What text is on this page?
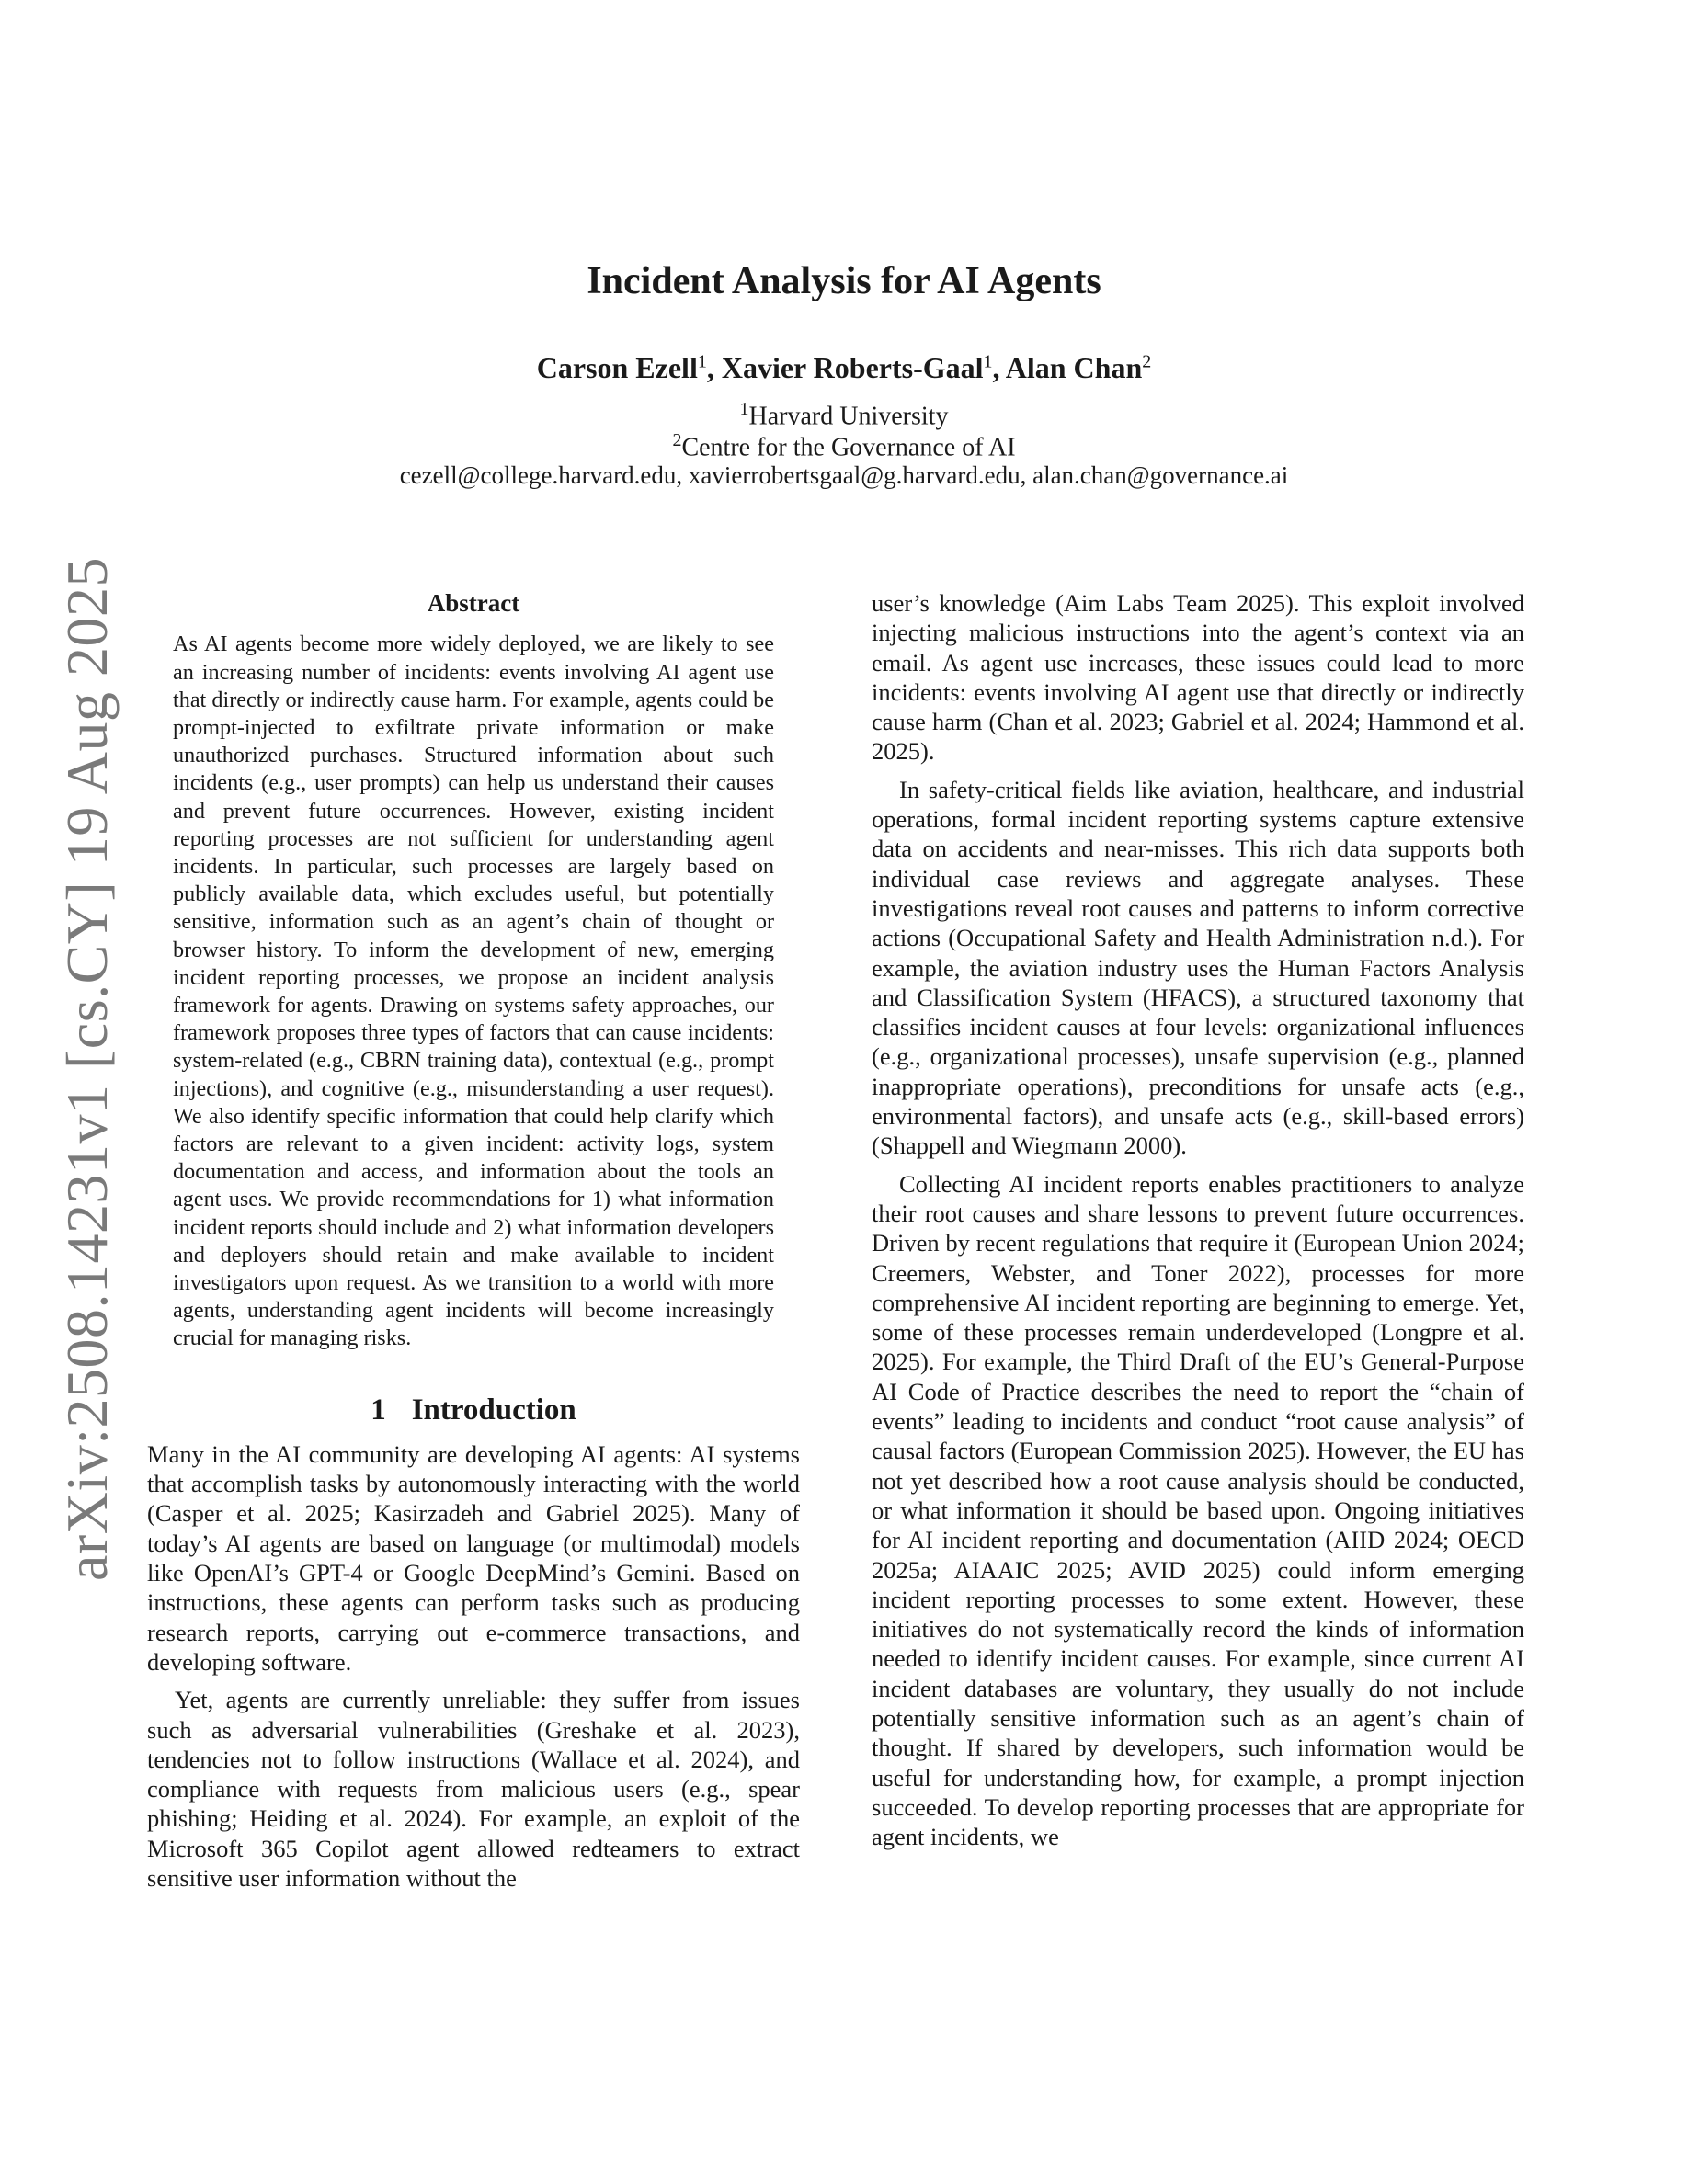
arXiv:2508.14231v1 [cs.CY] 19 Aug 2025
Incident Analysis for AI Agents
Carson Ezell$^1$, Xavier Roberts-Gaal$^1$, Alan Chan$^2$
$^1$Harvard University
$^2$Centre for the Governance of AI
cezell@college.harvard.edu, xavierrobertsgaal@g.harvard.edu, alan.chan@governance.ai
Abstract

As AI agents become more widely deployed, we are likely to see an increasing number of incidents: events involving AI agent use that directly or indirectly cause harm. For example, agents could be prompt-injected to exfiltrate private information or make unauthorized purchases. Structured information about such incidents (e.g., user prompts) can help us understand their causes and prevent future occurrences. However, existing incident reporting processes are not sufficient for understanding agent incidents. In particular, such processes are largely based on publicly available data, which excludes useful, but potentially sensitive, information such as an agent’s chain of thought or browser history. To inform the development of new, emerging incident reporting processes, we propose an incident analysis framework for agents. Drawing on systems safety approaches, our framework proposes three types of factors that can cause incidents: system-related (e.g., CBRN training data), contextual (e.g., prompt injections), and cognitive (e.g., misunderstanding a user request). We also identify specific information that could help clarify which factors are relevant to a given incident: activity logs, system documentation and access, and information about the tools an agent uses. We provide recommendations for 1) what information incident reports should include and 2) what information developers and deployers should retain and make available to incident investigators upon request. As we transition to a world with more agents, understanding agent incidents will become increasingly crucial for managing risks.

1 Introduction

Many in the AI community are developing AI agents: AI systems that accomplish tasks by autonomously interacting with the world (Casper et al. 2025; Kasirzadeh and Gabriel 2025). Many of today’s AI agents are based on language (or multimodal) models like OpenAI’s GPT-4 or Google DeepMind’s Gemini. Based on instructions, these agents can perform tasks such as producing research reports, carrying out e-commerce transactions, and developing software.

Yet, agents are currently unreliable: they suffer from issues such as adversarial vulnerabilities (Greshake et al. 2023), tendencies not to follow instructions (Wallace et al. 2024), and compliance with requests from malicious users (e.g., spear phishing; Heiding et al. 2024). For example, an exploit of the Microsoft 365 Copilot agent allowed redteamers to extract sensitive user information without the

user’s knowledge (Aim Labs Team 2025). This exploit involved injecting malicious instructions into the agent’s context via an email. As agent use increases, these issues could lead to more incidents: events involving AI agent use that directly or indirectly cause harm (Chan et al. 2023; Gabriel et al. 2024; Hammond et al. 2025).

In safety-critical fields like aviation, healthcare, and industrial operations, formal incident reporting systems capture extensive data on accidents and near-misses. This rich data supports both individual case reviews and aggregate analyses. These investigations reveal root causes and patterns to inform corrective actions (Occupational Safety and Health Administration n.d.). For example, the aviation industry uses the Human Factors Analysis and Classification System (HFACS), a structured taxonomy that classifies incident causes at four levels: organizational influences (e.g., organizational processes), unsafe supervision (e.g., planned inappropriate operations), preconditions for unsafe acts (e.g., environmental factors), and unsafe acts (e.g., skill-based errors) (Shappell and Wiegmann 2000).

Collecting AI incident reports enables practitioners to analyze their root causes and share lessons to prevent future occurrences. Driven by recent regulations that require it (European Union 2024; Creemers, Webster, and Toner 2022), processes for more comprehensive AI incident reporting are beginning to emerge. Yet, some of these processes remain underdeveloped (Longpre et al. 2025). For example, the Third Draft of the EU’s General-Purpose AI Code of Practice describes the need to report the “chain of events” leading to incidents and conduct “root cause analysis” of causal factors (European Commission 2025). However, the EU has not yet described how a root cause analysis should be conducted, or what information it should be based upon. Ongoing initiatives for AI incident reporting and documentation (AIID 2024; OECD 2025a; AIAAIC 2025; AVID 2025) could inform emerging incident reporting processes to some extent. However, these initiatives do not systematically record the kinds of information needed to identify incident causes. For example, since current AI incident databases are voluntary, they usually do not include potentially sensitive information such as an agent’s chain of thought. If shared by developers, such information would be useful for understanding how, for example, a prompt injection succeeded. To develop reporting processes that are appropriate for agent incidents, we
